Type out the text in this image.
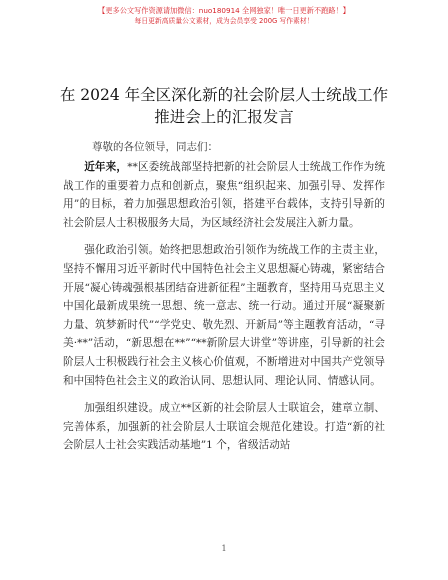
【更多公文写作资源请加微信：nuo180914 全网独家！唯一日更新不跑路！】
每日更新高质量公文素材，成为会员享受 200G 写作素材！
在 2024 年全区深化新的社会阶层人士统战工作
推进会上的汇报发言
尊敬的各位领导，同志们：

近年来，**区委统战部坚持把新的社会阶层人士统战工作作为统战工作的重要着力点和创新点，聚焦“组织起来、加强引导、发挥作用”的目标，着力加强思想政治引领，搭建平台载体，支持引导新的社会阶层人士积极服务大局，为区域经济社会发展注入新力量。

强化政治引领。始终把思想政治引领作为统战工作的主责主业，坚持不懈用习近平新时代中国特色社会主义思想凝心铸魂，紧密结合开展“凝心铸魂强根基团结奋进新征程”主题教育，坚持用马克思主义中国化最新成果统一思想、统一意志、统一行动。通过开展“凝聚新力量、筑梦新时代”“学党史、敬先烈、开新局”等主题教育活动，“寻美·**”活动，“新思想在**”“**新阶层大讲堂”等讲座，引导新的社会阶层人士积极践行社会主义核心价值观，不断增进对中国共产党领导和中国特色社会主义的政治认同、思想认同、理论认同、情感认同。

加强组织建设。成立**区新的社会阶层人士联谊会，建章立制、完善体系，加强新的社会阶层人士联谊会规范化建设。打造“新的社会阶层人士社会实践活动基地”1 个，省级活动站

1
